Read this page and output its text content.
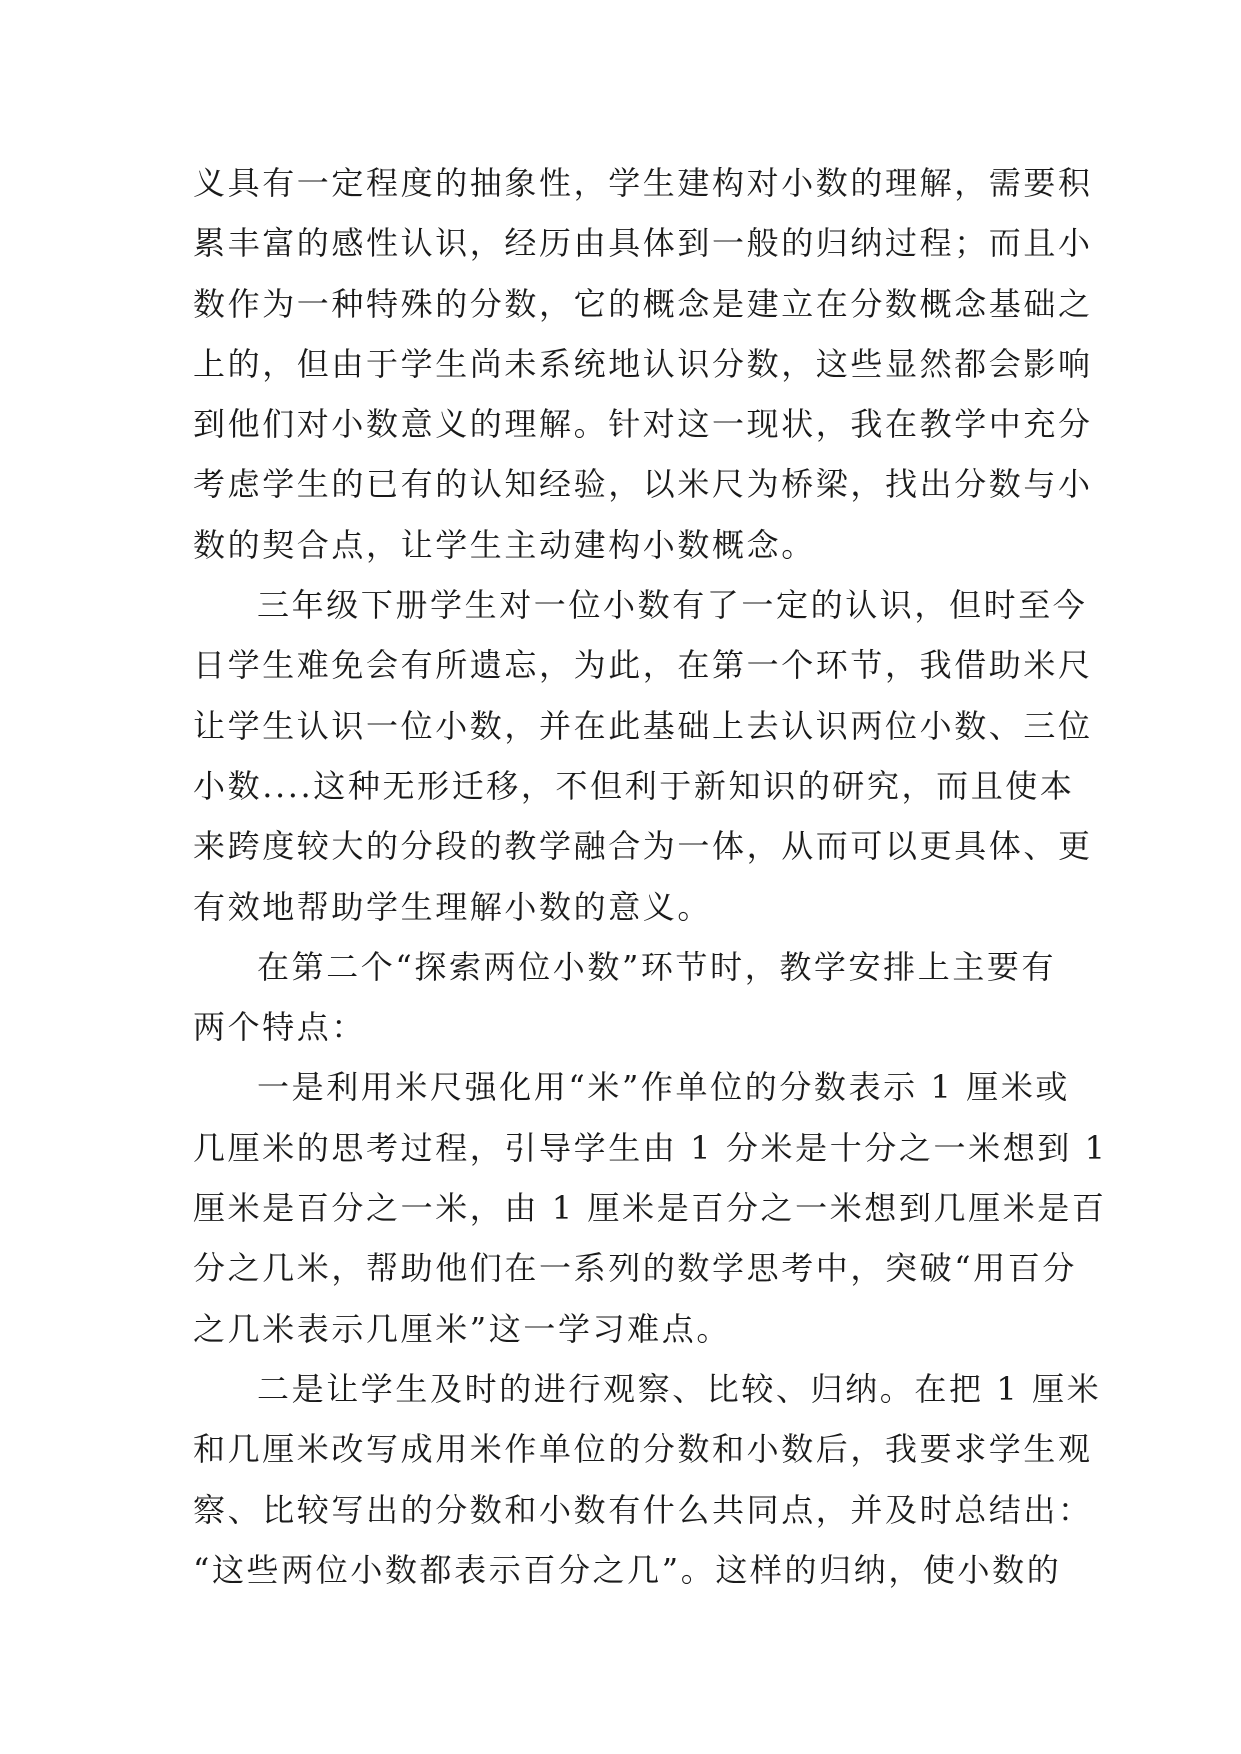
义具有一定程度的抽象性，学生建构对小数的理解，需要积
累丰富的感性认识，经历由具体到一般的归纳过程；而且小
数作为一种特殊的分数，它的概念是建立在分数概念基础之
上的，但由于学生尚未系统地认识分数，这些显然都会影响
到他们对小数意义的理解。针对这一现状，我在教学中充分
考虑学生的已有的认知经验，以米尺为桥梁，找出分数与小
数的契合点，让学生主动建构小数概念。
三年级下册学生对一位小数有了一定的认识，但时至今
日学生难免会有所遗忘，为此，在第一个环节，我借助米尺
让学生认识一位小数，并在此基础上去认识两位小数、三位
小数....这种无形迁移，不但利于新知识的研究，而且使本
来跨度较大的分段的教学融合为一体，从而可以更具体、更
有效地帮助学生理解小数的意义。
在第二个“探索两位小数”环节时，教学安排上主要有
两个特点：
一是利用米尺强化用“米”作单位的分数表示 1 厘米或
几厘米的思考过程，引导学生由 1 分米是十分之一米想到 1
厘米是百分之一米，由 1 厘米是百分之一米想到几厘米是百
分之几米，帮助他们在一系列的数学思考中，突破“用百分
之几米表示几厘米”这一学习难点。
二是让学生及时的进行观察、比较、归纳。在把 1 厘米
和几厘米改写成用米作单位的分数和小数后，我要求学生观
察、比较写出的分数和小数有什么共同点，并及时总结出：
“这些两位小数都表示百分之几”。这样的归纳，使小数的
